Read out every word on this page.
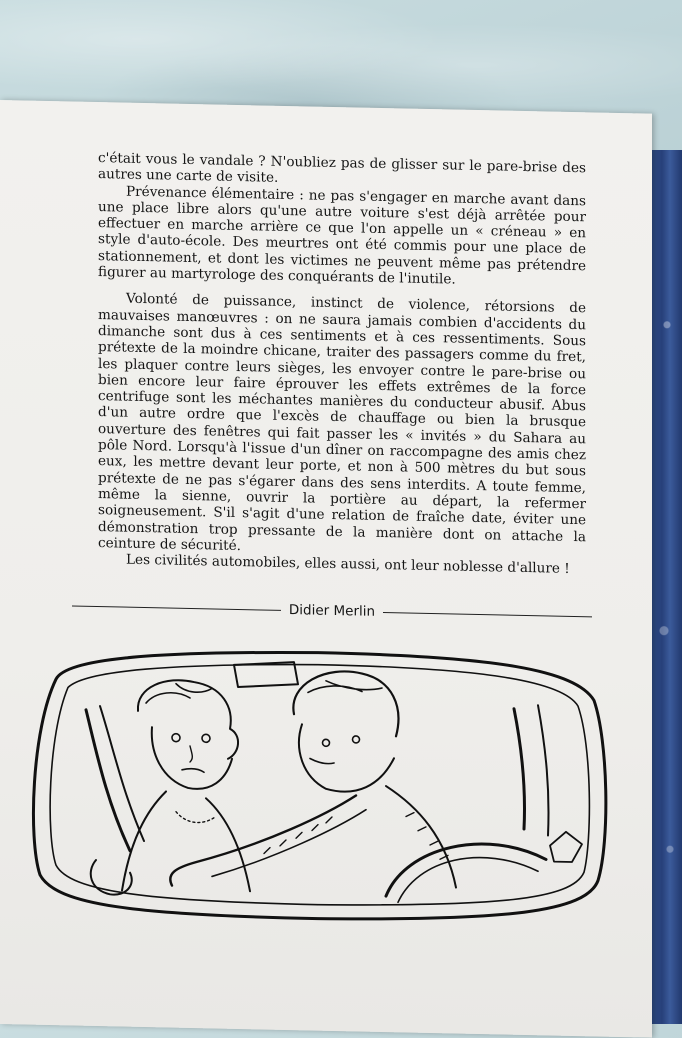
c'était vous le vandale ? N'oubliez pas de glisser sur le pare-brise des autres une carte de visite.

Prévenance élémentaire : ne pas s'engager en marche avant dans une place libre alors qu'une autre voiture s'est déjà arrêtée pour effectuer en marche arrière ce que l'on appelle un « créneau » en style d'auto-école. Des meurtres ont été commis pour une place de stationnement, et dont les victimes ne peuvent même pas prétendre figurer au martyrologe des conquérants de l'inutile.

Volonté de puissance, instinct de violence, rétorsions de mauvaises manœuvres : on ne saura jamais combien d'accidents du dimanche sont dus à ces sentiments et à ces ressentiments. Sous prétexte de la moindre chicane, traiter des passagers comme du fret, les plaquer contre leurs sièges, les envoyer contre le pare-brise ou bien encore leur faire éprouver les effets extrêmes de la force centrifuge sont les méchantes manières du conducteur abusif. Abus d'un autre ordre que l'excès de chauffage ou bien la brusque ouverture des fenêtres qui fait passer les « invités » du Sahara au pôle Nord. Lorsqu'à l'issue d'un dîner on raccompagne des amis chez eux, les mettre devant leur porte, et non à 500 mètres du but sous prétexte de ne pas s'égarer dans des sens interdits. A toute femme, même la sienne, ouvrir la portière au départ, la refermer soigneusement. S'il s'agit d'une relation de fraîche date, éviter une démonstration trop pressante de la manière dont on attache la ceinture de sécurité.

Les civilités automobiles, elles aussi, ont leur noblesse d'allure !

Didier Merlin
